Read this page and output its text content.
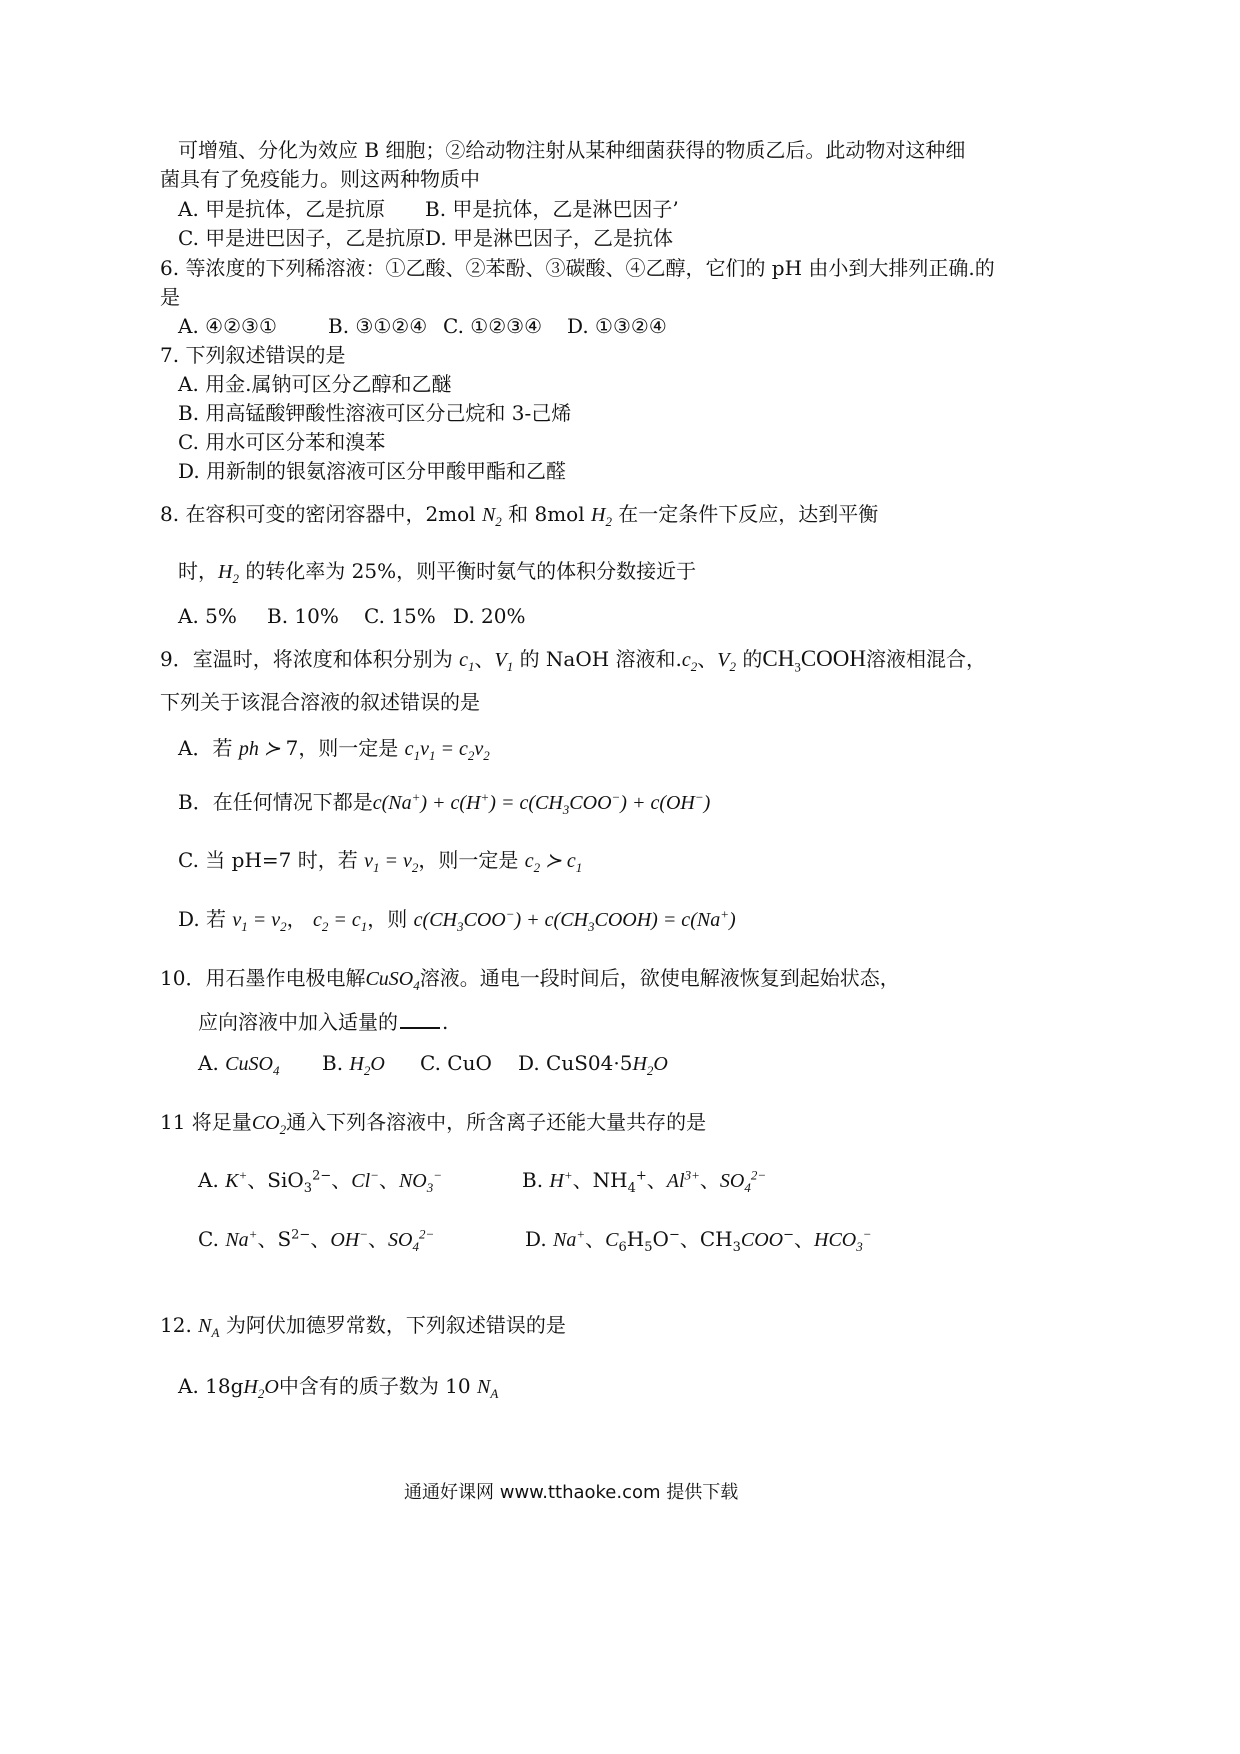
可增殖、分化为效应 B 细胞；②给动物注射从某种细菌获得的物质乙后。此动物对这种细
菌具有了免疫能力。则这两种物质中
A. 甲是抗体，乙是抗原 B. 甲是抗体，乙是淋巴因子’
C. 甲是进巴因子，乙是抗原 D. 甲是淋巴因子，乙是抗体
6. 等浓度的下列稀溶液：①乙酸、②苯酚、③碳酸、④乙醇，它们的 pH 由小到大排列正确.的
是
A. ④②③①	B. ③①②④ C. ①②③④ D. ①③②④
7. 下列叙述错误的是
A. 用金.属钠可区分乙醇和乙醚
B. 用高锰酸钾酸性溶液可区分己烷和 3-己烯
C. 用水可区分苯和溴苯
D. 用新制的银氨溶液可区分甲酸甲酯和乙醛
8. 在容积可变的密闭容器中，2mol $N_2$ 和 8mol $H_2$ 在一定条件下反应，达到平衡
时，$H_2$ 的转化率为 25%，则平衡时氨气的体积分数接近于
A. 5% B. 10% C. 15% D. 20%
9．室温时，将浓度和体积分别为 $c_1$、$V_1$ 的 NaOH 溶液和$.c_2$、$V_2$ 的$CH_3COOH$溶液相混合，
下列关于该混合溶液的叙述错误的是
A．若 ph ≻ 7，则一定是 $c_1v_1 = c_2v_2$
B．在任何情况下都是$c(Na^+) + c(H^+) = c(CH_3COO^-) + c(OH^-)$
C. 当 pH=7 时，若 $v_1 = v_2$，则一定是 $c_2$ ≻ $c_1$
D. 若 $v_1 = v_2$， $c_2 = c_1$，则 $c(CH_3COO^-)$ + $c(CH_3COOH) = c(Na^+)$
10．用石墨作电极电解CuSO$_4$溶液。通电一段时间后，欲使电解液恢复到起始状态，
应向溶液中加入适量的 .
A. CuSO$_4$ B. $H_2O$ C. CuO D. $CuS04\cdot 5H_2O$
11 将足量$CO_2$通入下列各溶液中，所含离子还能大量共存的是
A. K+、SiO$_3^{2-}$、Cl−、$NO_3^-$	B. H+、$NH_4^+$、$Al^{3+}$、$SO_4^{2-}$
C. Na+、$S^{2-}$、OH−、$SO_4^{2-}$	D. Na+、$C_6H_5O^-$、$CH_3COO^-$、$HCO_3^-$
12. $N_A$ 为阿伏加德罗常数，下列叙述错误的是
A. $18gH_2O$中含有的质子数为 10 $N_A$
通通好课网 www.tthaoke.com 提供下载
